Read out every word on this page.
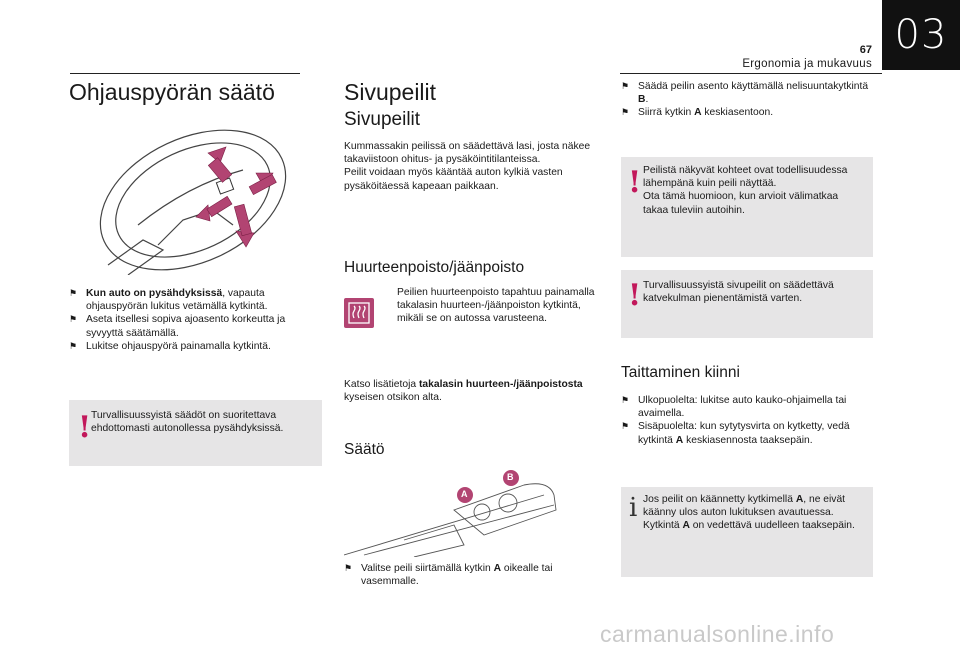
03
67
Ergonomia ja mukavuus
Ohjauspyörän säätö
⚑ Kun auto on pysähdyksissä, vapauta ohjauspyörän lukitus vetämällä kytkintä.
⚑ Aseta itsellesi sopiva ajoasento korkeutta ja syvyyttä säätämällä.
⚑ Lukitse ohjauspyörä painamalla kytkintä.
! Turvallisuussyistä säädöt on suoritettava ehdottomasti autonollessa pysähdyksissä.
Sivupeilit
Sivupeilit
Kummassakin peilissä on säädettävä lasi, josta näkee takaviistoon ohitus- ja pysäköintitilanteissa.
Peilit voidaan myös kääntää auton kylkiä vasten pysäköitäessä kapeaan paikkaan.
Huurteenpoisto/jäänpoisto
Peilien huurteenpoisto tapahtuu painamalla takalasin huurteen-/jäänpoiston kytkintä, mikäli se on autossa varusteena.
Katso lisätietoja takalasin huurteen-/jäänpoistosta kyseisen otsikon alta.
Säätö
A
B
⚑ Valitse peili siirtämällä kytkin A oikealle tai vasemmalle.
⚑ Säädä peilin asento käyttämällä nelisuuntakytkintä B.
⚑ Siirrä kytkin A keskiasentoon.
! Peilistä näkyvät kohteet ovat todellisuudessa lähempänä kuin peili näyttää.
Ota tämä huomioon, kun arvioit välimatkaa takaa tuleviin autoihin.
! Turvallisuussyistä sivupeilit on säädettävä katvekulman pienentämistä varten.
Taittaminen kiinni
⚑ Ulkopuolelta: lukitse auto kauko-ohjaimella tai avaimella.
⚑ Sisäpuolelta: kun sytytysvirta on kytketty, vedä kytkintä A keskiasennosta taaksepäin.
i Jos peilit on käännetty kytkimellä A, ne eivät käänny ulos auton lukituksen avautuessa. Kytkintä A on vedettävä uudelleen taaksepäin.
carmanualsonline.info
